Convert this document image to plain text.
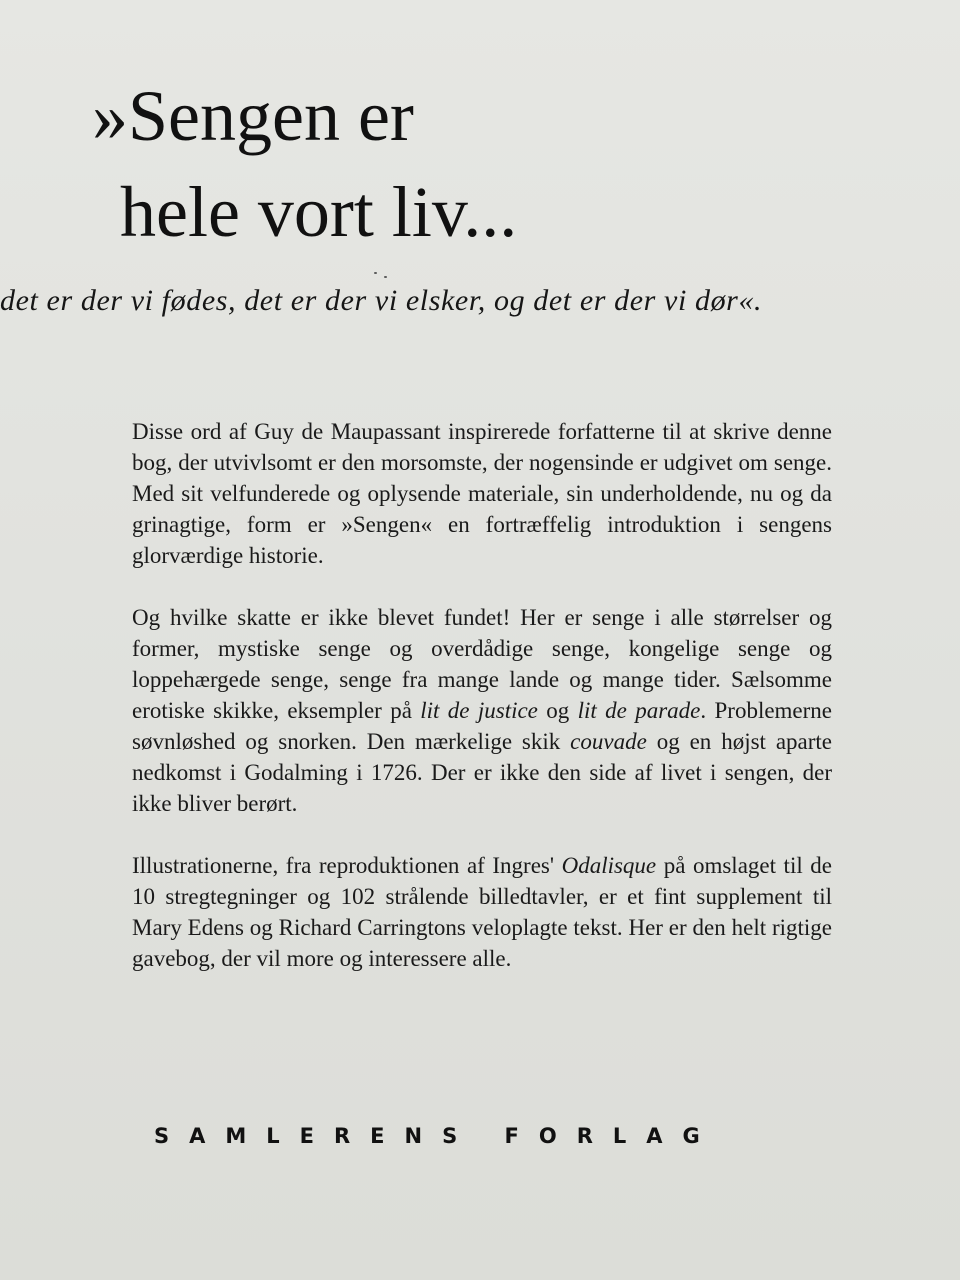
»Sengen er
hele vort liv...

det er der vi fødes, det er der vi elsker, og det er der vi dør«.

Disse ord af Guy de Maupassant inspirerede forfatterne til at skrive denne bog, der utvivlsomt er den morsomste, der nogensinde er udgivet om senge. Med sit velfunderede og oplysende materiale, sin underholdende, nu og da grinagtige, form er »Sengen« en fortræffelig introduktion i sengens glorværdige historie.

Og hvilke skatte er ikke blevet fundet! Her er senge i alle størrelser og former, mystiske senge og overdådige senge, kongelige senge og loppehærgede senge, senge fra mange lande og mange tider. Sælsomme erotiske skikke, eksempler på lit de justice og lit de parade. Problemerne søvnløshed og snorken. Den mærkelige skik couvade og en højst aparte nedkomst i Godalming i 1726. Der er ikke den side af livet i sengen, der ikke bliver berørt.

Illustrationerne, fra reproduktionen af Ingres' Odalisque på omslaget til de 10 stregtegninger og 102 strålende billedtavler, er et fint supplement til Mary Edens og Richard Carringtons veloplagte tekst. Her er den helt rigtige gavebog, der vil more og interessere alle.

SAMLERENS FORLAG
